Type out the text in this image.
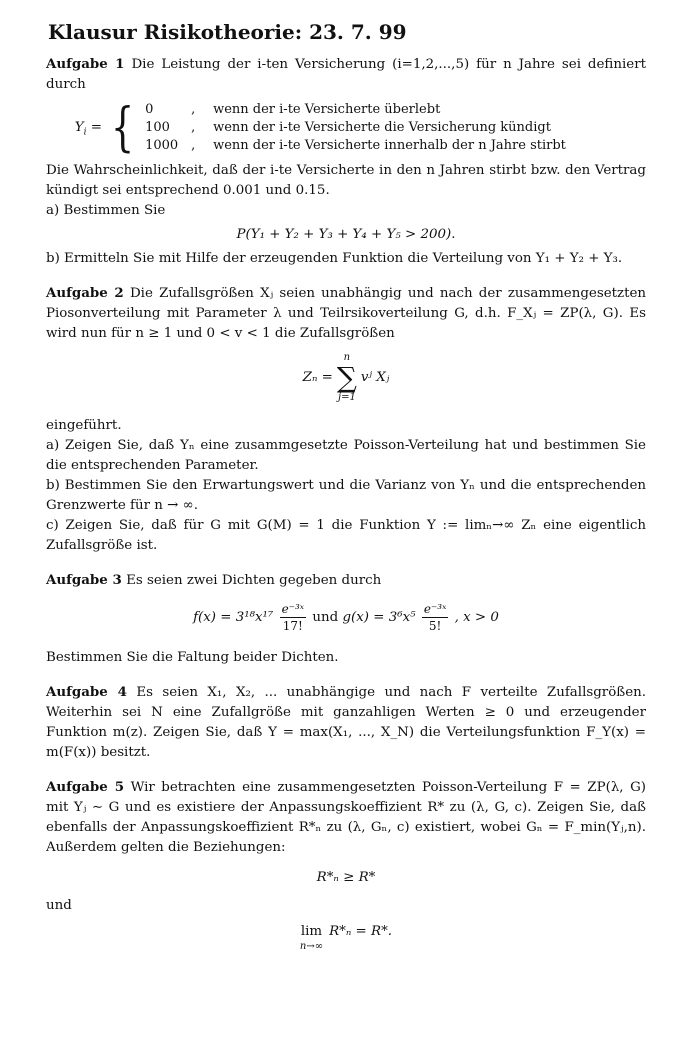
Klausur Risikotheorie: 23. 7. 99

Aufgabe 1 Die Leistung der i-ten Versicherung (i=1,2,...,5) für n Jahre sei definiert durch

$Y_i$ = { 0	,	wenn der i-te Versicherte überlebt
100	,	wenn der i-te Versicherte die Versicherung kündigt
1000	,	wenn der i-te Versicherte innerhalb der n Jahre stirbt

Die Wahrscheinlichkeit, daß der i-te Versicherte in den n Jahren stirbt bzw. den Vertrag kündigt sei entsprechend 0.001 und 0.15.

a) Bestimmen Sie

P(Y₁ + Y₂ + Y₃ + Y₄ + Y₅ > 200).

b) Ermitteln Sie mit Hilfe der erzeugenden Funktion die Verteilung von Y₁ + Y₂ + Y₃.

Aufgabe 2 Die Zufallsgrößen Xⱼ seien unabhängig und nach der zusammengesetzten Piosonverteilung mit Parameter λ und Teilrsikoverteilung G, d.h. F_Xⱼ = ZP(λ, G). Es wird nun für n ≥ 1 und 0 < v < 1 die Zufallsgrößen

Zₙ =
n
∑
j=1
vʲ Xⱼ

eingeführt.

a) Zeigen Sie, daß Yₙ eine zusammgesetzte Poisson-Verteilung hat und bestimmen Sie die entsprechenden Parameter.

b) Bestimmen Sie den Erwartungswert und die Varianz von Yₙ und die entsprechenden Grenzwerte für n → ∞.

c) Zeigen Sie, daß für G mit G(M) = 1 die Funktion Y := limₙ→∞ Zₙ eine eigentlich Zufallsgröße ist.

Aufgabe 3 Es seien zwei Dichten gegeben durch

$f(x) = 3^{18}x^{17} \frac{\text{e⁻³ˣ}}{17!}$ und $g(x) = 3^6x^5 \frac{\text{e⁻³ˣ}}{5!}$ , x > 0

Bestimmen Sie die Faltung beider Dichten.

Aufgabe 4 Es seien X₁, X₂, ... unabhängige und nach F verteilte Zufallsgrößen. Weiterhin sei N eine Zufallgröße mit ganzahligen Werten ≥ 0 und erzeugender Funktion m(z). Zeigen Sie, daß Y = max(X₁, ..., X_N) die Verteilungsfunktion F_Y(x) = m(F(x)) besitzt.

Aufgabe 5 Wir betrachten eine zusammengesetzten Poisson-Verteilung F = ZP(λ, G) mit Yⱼ ∼ G und es existiere der Anpassungskoeffizient R* zu (λ, G, c). Zeigen Sie, daß ebenfalls der Anpassungskoeffizient R*ₙ zu (λ, Gₙ, c) existiert, wobei Gₙ = F_min(Yⱼ,n). Außerdem gelten die Beziehungen:

R*ₙ ≥ R*

und

lim
n→∞
R*ₙ = R*.
